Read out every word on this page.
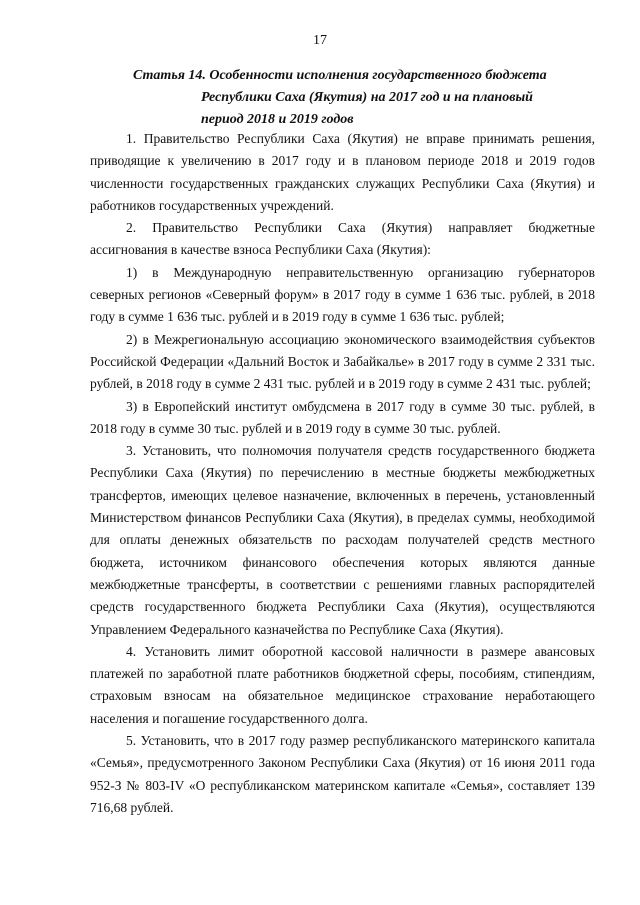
17
Статья 14. Особенности исполнения государственного бюджета
Республики Саха (Якутия) на 2017 год и на плановый
период 2018 и 2019 годов

1. Правительство Республики Саха (Якутия) не вправе принимать решения, приводящие к увеличению в 2017 году и в плановом периоде 2018 и 2019 годов численности государственных гражданских служащих Республики Саха (Якутия) и работников государственных учреждений.

2. Правительство Республики Саха (Якутия) направляет бюджетные ассигнования в качестве взноса Республики Саха (Якутия):

1) в Международную неправительственную организацию губернаторов северных регионов «Северный форум» в 2017 году в сумме 1 636 тыс. рублей, в 2018 году в сумме 1 636 тыс. рублей и в 2019 году в сумме 1 636 тыс. рублей;

2) в Межрегиональную ассоциацию экономического взаимодействия субъектов Российской Федерации «Дальний Восток и Забайкалье» в 2017 году в сумме 2 331 тыс. рублей, в 2018 году в сумме 2 431 тыс. рублей и в 2019 году в сумме 2 431 тыс. рублей;

3) в Европейский институт омбудсмена в 2017 году в сумме 30 тыс. рублей, в 2018 году в сумме 30 тыс. рублей и в 2019 году в сумме 30 тыс. рублей.

3. Установить, что полномочия получателя средств государственного бюджета Республики Саха (Якутия) по перечислению в местные бюджеты межбюджетных трансфертов, имеющих целевое назначение, включенных в перечень, установленный Министерством финансов Республики Саха (Якутия), в пределах суммы, необходимой для оплаты денежных обязательств по расходам получателей средств местного бюджета, источником финансового обеспечения которых являются данные межбюджетные трансферты, в соответствии с решениями главных распорядителей средств государственного бюджета Республики Саха (Якутия), осуществляются Управлением Федерального казначейства по Республике Саха (Якутия).

4. Установить лимит оборотной кассовой наличности в размере авансовых платежей по заработной плате работников бюджетной сферы, пособиям, стипендиям, страховым взносам на обязательное медицинское страхование неработающего населения и погашение государственного долга.

5. Установить, что в 2017 году размер республиканского материнского капитала «Семья», предусмотренного Законом Республики Саха (Якутия) от 16 июня 2011 года 952-З № 803-IV «О республиканском материнском капитале «Семья», составляет 139 716,68 рублей.
